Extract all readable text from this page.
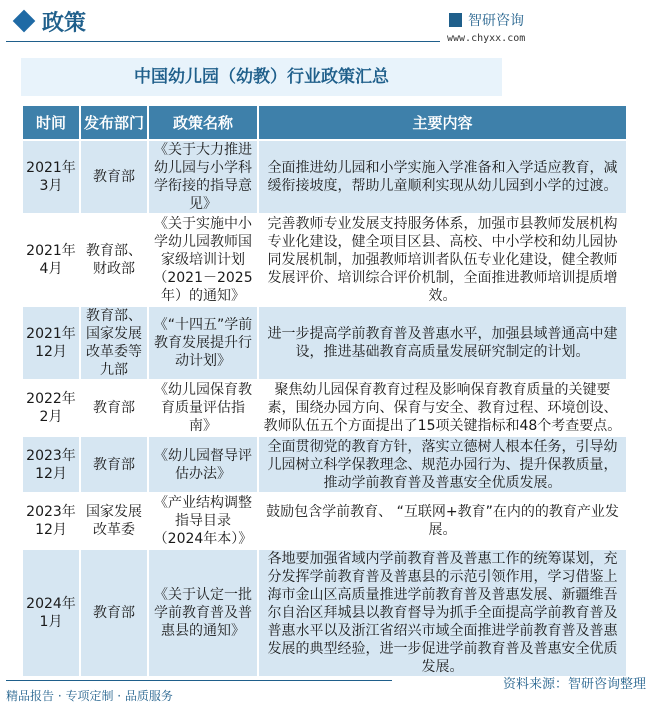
政策	智研咨询
www.chyxx.com
中国幼儿园（幼教）行业政策汇总
时间	发布部门	政策名称	主要内容
2021年3月	教育部	《关于大力推进幼儿园与小学科学衔接的指导意见》	全面推进幼儿园和小学实施入学准备和入学适应教育，减缓衔接坡度，帮助儿童顺利实现从幼儿园到小学的过渡。
2021年4月	教育部、财政部	《关于实施中小学幼儿园教师国家级培训计划（2021－2025年）的通知》	完善教师专业发展支持服务体系，加强市县教师发展机构专业化建设，健全项目区县、高校、中小学校和幼儿园协同发展机制，加强教师培训者队伍专业化建设，健全教师发展评价、培训综合评价机制，全面推进教师培训提质增效。
2021年12月	教育部、国家发展改革委等九部	《“十四五”学前教育发展提升行动计划》	进一步提高学前教育普及普惠水平，加强县域普通高中建设，推进基础教育高质量发展研究制定的计划。
2022年2月	教育部	《幼儿园保育教育质量评估指南》	聚焦幼儿园保育教育过程及影响保育教育质量的关键要素，围绕办园方向、保育与安全、教育过程、环境创设、教师队伍五个方面提出了15项关键指标和48个考查要点。
2023年12月	教育部	《幼儿园督导评估办法》	全面贯彻党的教育方针，落实立德树人根本任务，引导幼儿园树立科学保教理念、规范办园行为、提升保教质量，推动学前教育普及普惠安全优质发展。
2023年12月	国家发展改革委	《产业结构调整指导目录（2024年本）》	鼓励包含学前教育、 “互联网+教育”在内的的教育产业发展。
2024年1月	教育部	《关于认定一批学前教育普及普惠县的通知》	各地要加强省域内学前教育普及普惠工作的统筹谋划，充分发挥学前教育普及普惠县的示范引领作用，学习借鉴上海市金山区高质量推进学前教育普及普惠发展、新疆维吾尔自治区拜城县以教育督导为抓手全面提高学前教育普及普惠水平以及浙江省绍兴市域全面推进学前教育普及普惠发展的典型经验，进一步促进学前教育普及普惠安全优质发展。
资料来源：智研咨询整理
精品报告 · 专项定制 · 品质服务
